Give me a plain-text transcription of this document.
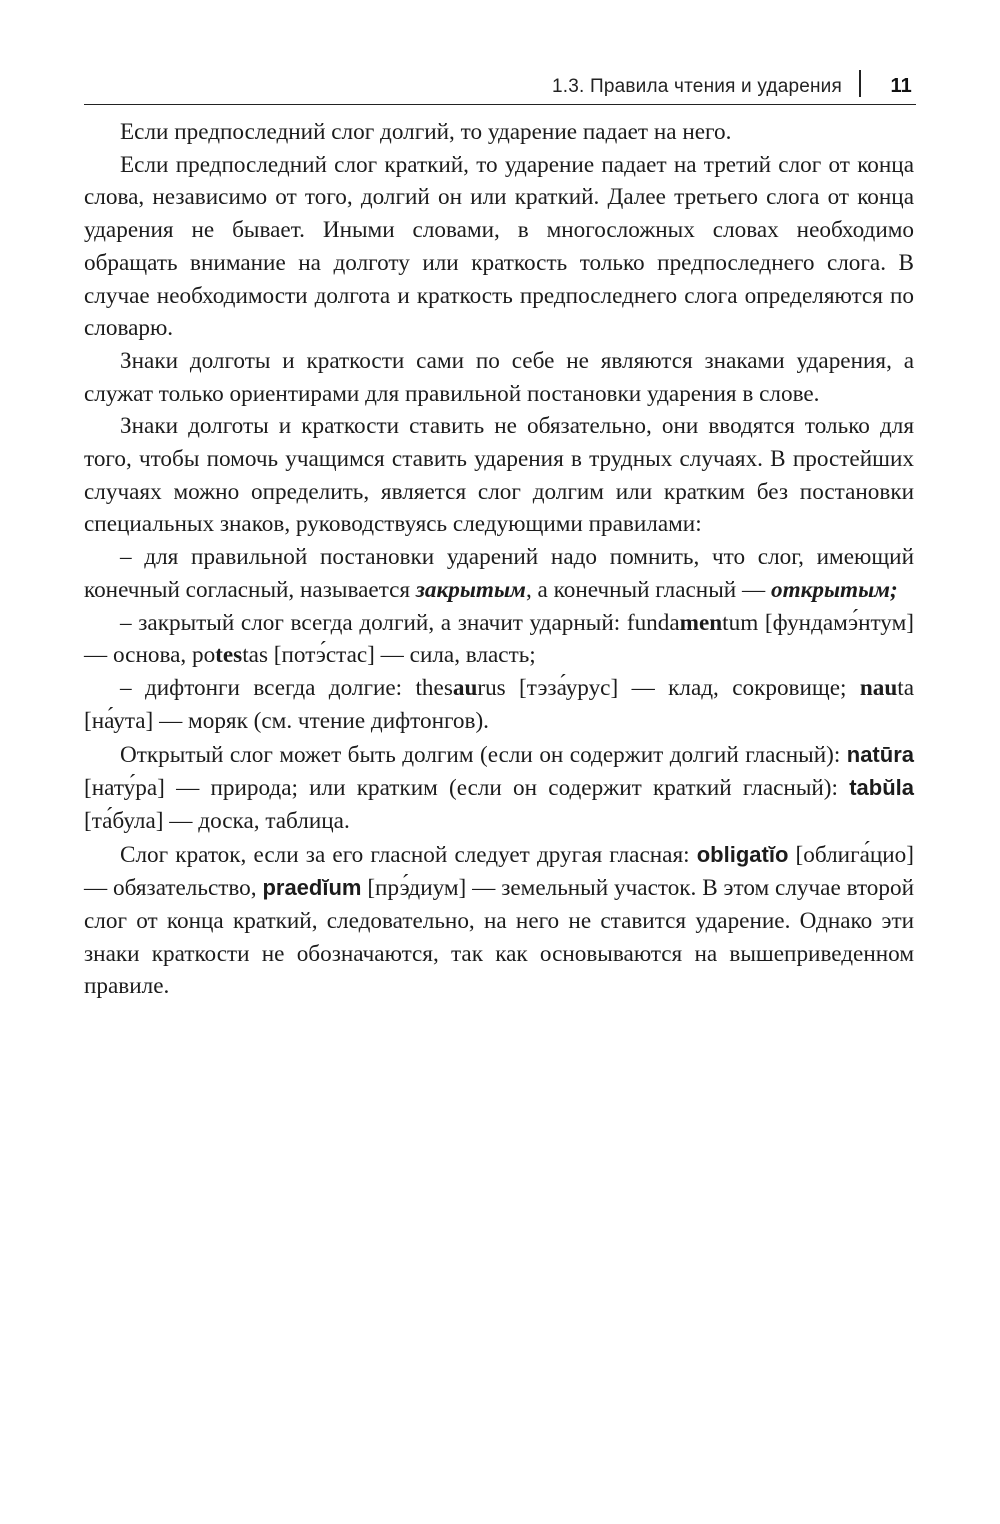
1.3. Правила чтения и ударения 11

Если предпоследний слог долгий, то ударение падает на него.

Если предпоследний слог краткий, то ударение падает на третий слог от конца слова, независимо от того, долгий он или краткий. Далее третьего слога от конца ударения не бывает. Иными словами, в многосложных словах необходимо обращать внимание на долготу или краткость только предпоследнего слога. В случае необходимости долгота и краткость предпоследнего слога определяются по словарю.

Знаки долготы и краткости сами по себе не являются знаками ударения, а служат только ориентирами для правильной постановки ударения в слове.

Знаки долготы и краткости ставить не обязательно, они вводятся только для того, чтобы помочь учащимся ставить ударения в трудных случаях. В простейших случаях можно определить, является слог долгим или кратким без постановки специальных знаков, руководствуясь следующими правилами:

– для правильной постановки ударений надо помнить, что слог, имеющий конечный согласный, называется закрытым, а конечный гласный — открытым;

– закрытый слог всегда долгий, а значит ударный: fundamentum [фундамэ́нтум] — основа, potestas [потэ́стас] — сила, власть;

– дифтонги всегда долгие: thesaurus [тэза́урус] — клад, сокровище; nauta [на́ута] — моряк (см. чтение дифтонгов).

Открытый слог может быть долгим (если он содержит долгий гласный): natūra [нату́ра] — природа; или кратким (если он содержит краткий гласный): tabŭla [та́була] — доска, таблица.

Слог краток, если за его гласной следует другая гласная: obligatĭo [облига́цио] — обязательство, praedĭum [прэ́диум] — земельный участок. В этом случае второй слог от конца краткий, следовательно, на него не ставится ударение. Однако эти знаки краткости не обозначаются, так как основываются на вышеприведенном правиле.
